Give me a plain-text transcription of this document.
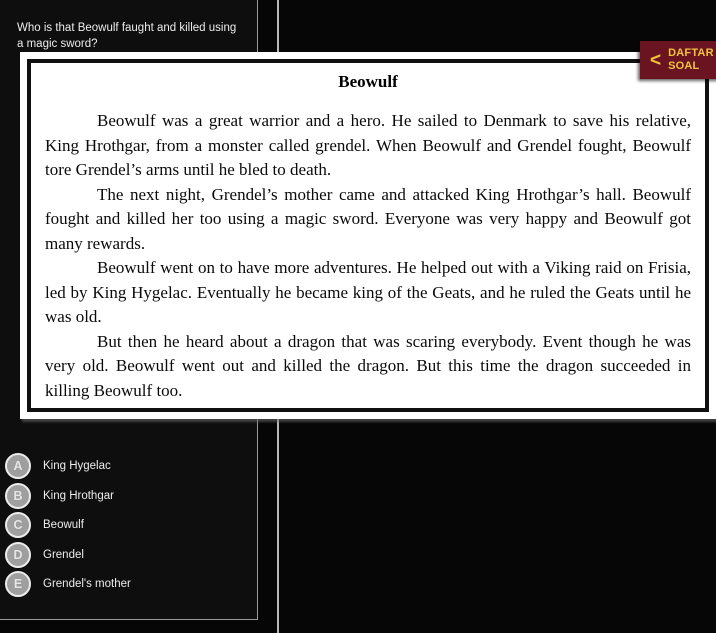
Who is that Beowulf faught and killed using a magic sword?
Beowulf

Beowulf was a great warrior and a hero. He sailed to Denmark to save his relative, King Hrothgar, from a monster called grendel. When Beowulf and Grendel fought, Beowulf tore Grendel’s arms until he bled to death.

The next night, Grendel’s mother came and attacked King Hrothgar’s hall. Beowulf fought and killed her too using a magic sword. Everyone was very happy and Beowulf got many rewards.

Beowulf went on to have more adventures. He helped out with a Viking raid on Frisia, led by King Hygelac. Eventually he became king of the Geats, and he ruled the Geats until he was old.

But then he heard about a dragon that was scaring everybody. Event though he was very old. Beowulf went out and killed the dragon. But this time the dragon succeeded in killing Beowulf too.

< DAFTAR SOAL
A	King Hygelac
B	King Hrothgar
C	Beowulf
D	Grendel
E	Grendel's mother
